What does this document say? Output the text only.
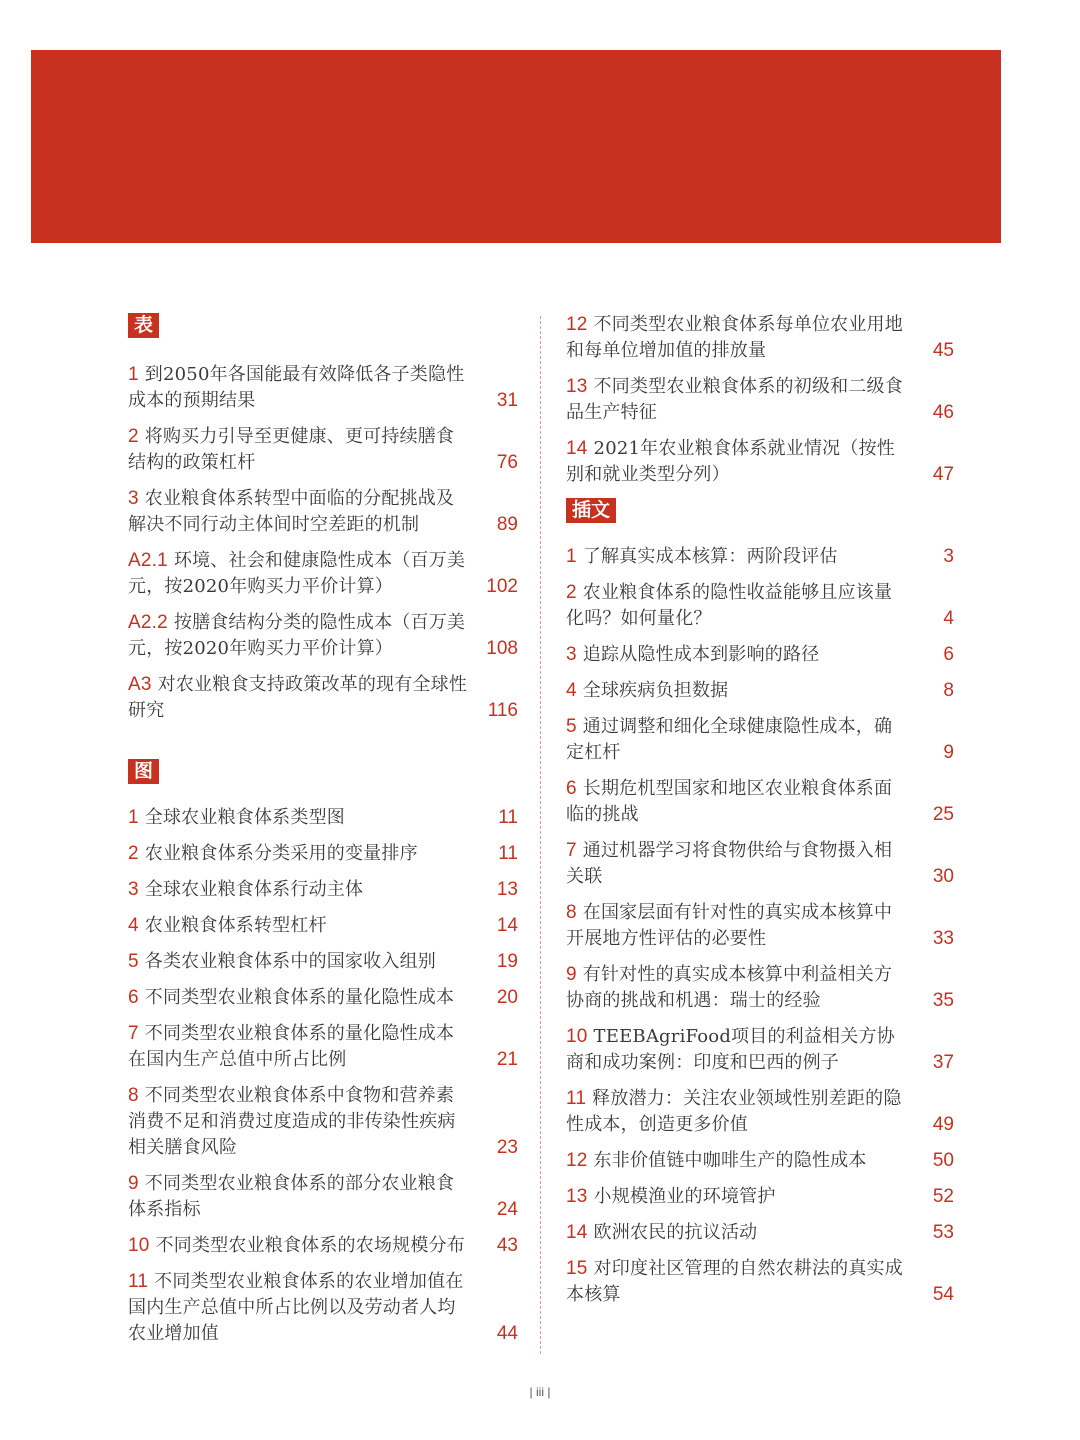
表
1 到2050年各国能最有效降低各子类隐性成本的预期结果	31
2 将购买力引导至更健康、更可持续膳食结构的政策杠杆	76
3 农业粮食体系转型中面临的分配挑战及解决不同行动主体间时空差距的机制	89
A2.1 环境、社会和健康隐性成本（百万美元，按2020年购买力平价计算）	102
A2.2 按膳食结构分类的隐性成本（百万美元，按2020年购买力平价计算）	108
A3 对农业粮食支持政策改革的现有全球性研究	116
图
1 全球农业粮食体系类型图	11
2 农业粮食体系分类采用的变量排序	11
3 全球农业粮食体系行动主体	13
4 农业粮食体系转型杠杆	14
5 各类农业粮食体系中的国家收入组别	19
6 不同类型农业粮食体系的量化隐性成本	20
7 不同类型农业粮食体系的量化隐性成本在国内生产总值中所占比例	21
8 不同类型农业粮食体系中食物和营养素消费不足和消费过度造成的非传染性疾病相关膳食风险	23
9 不同类型农业粮食体系的部分农业粮食体系指标	24
10 不同类型农业粮食体系的农场规模分布	43
11 不同类型农业粮食体系的农业增加值在国内生产总值中所占比例以及劳动者人均农业增加值	44
12 不同类型农业粮食体系每单位农业用地和每单位增加值的排放量	45
13 不同类型农业粮食体系的初级和二级食品生产特征	46
14 2021年农业粮食体系就业情况（按性别和就业类型分列）	47
插文
1 了解真实成本核算：两阶段评估	3
2 农业粮食体系的隐性收益能够且应该量化吗？如何量化？	4
3 追踪从隐性成本到影响的路径	6
4 全球疾病负担数据	8
5 通过调整和细化全球健康隐性成本，确定杠杆	9
6 长期危机型国家和地区农业粮食体系面临的挑战	25
7 通过机器学习将食物供给与食物摄入相关联	30
8 在国家层面有针对性的真实成本核算中开展地方性评估的必要性	33
9 有针对性的真实成本核算中利益相关方协商的挑战和机遇：瑞士的经验	35
10 TEEBAgriFood项目的利益相关方协商和成功案例：印度和巴西的例子	37
11 释放潜力：关注农业领域性别差距的隐性成本，创造更多价值	49
12 东非价值链中咖啡生产的隐性成本	50
13 小规模渔业的环境管护	52
14 欧洲农民的抗议活动	53
15 对印度社区管理的自然农耕法的真实成本核算	54
| iii |
